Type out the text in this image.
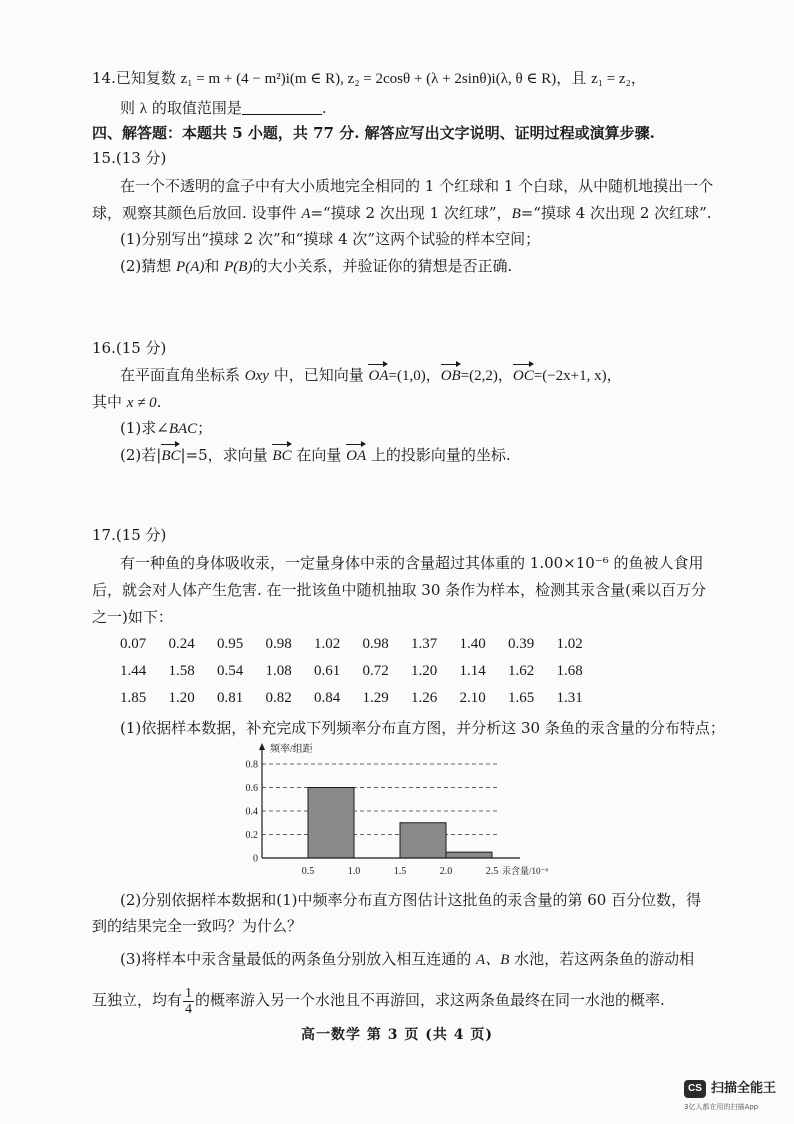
14.已知复数 z₁ = m + (4 − m²)i(m ∈ R), z₂ = 2cosθ + (λ + 2sinθ)i(λ, θ ∈ R)，且 z₁ = z₂，
则 λ 的取值范围是	.
四、解答题：本题共 5 小题，共 77 分. 解答应写出文字说明、证明过程或演算步骤.
15.(13 分)
在一个不透明的盒子中有大小质地完全相同的 1 个红球和 1 个白球，从中随机地摸出一个
球，观察其颜色后放回. 设事件 A=“摸球 2 次出现 1 次红球”，B=“摸球 4 次出现 2 次红球”.
(1)分别写出“摸球 2 次”和“摸球 4 次”这两个试验的样本空间；
(2)猜想 P(A)和 P(B)的大小关系，并验证你的猜想是否正确.
16.(15 分)
在平面直角坐标系 Oxy 中，已知向量 OA=(1,0)，OB=(2,2)，OC=(−2x+1, x)，
其中 x ≠ 0.
(1)求∠BAC；
(2)若|BC|=5，求向量 BC 在向量 OA 上的投影向量的坐标.
17.(15 分)
有一种鱼的身体吸收汞，一定量身体中汞的含量超过其体重的 1.00×10⁻⁶ 的鱼被人食用
后，就会对人体产生危害. 在一批该鱼中随机抽取 30 条作为样本，检测其汞含量(乘以百万分
之一)如下：
0.07 0.24 0.95 0.98 1.02 0.98 1.37 1.40 0.39 1.02
1.44 1.58 0.54 1.08 0.61 0.72 1.20 1.14 1.62 1.68
1.85 1.20 0.81 0.82 0.84 1.29 1.26 2.10 1.65 1.31
(1)依据样本数据，补充完成下列频率分布直方图，并分析这 30 条鱼的汞含量的分布特点；
频率/组距
汞含量/10⁻⁶
0
0.2
0.4
0.6
0.8
0.5	1.0	1.5	2.0	2.5
(2)分别依据样本数据和(1)中频率分布直方图估计这批鱼的汞含量的第 60 百分位数，得
到的结果完全一致吗？为什么？
(3)将样本中汞含量最低的两条鱼分别放入相互连通的 A、B 水池，若这两条鱼的游动相
互独立，均有 $\frac{1}{4}$ 的概率游入另一个水池且不再游回，求这两条鱼最终在同一水池的概率.
高一数学 第 3 页 (共 4 页)
CS 扫描全能王
3亿人都在用的扫描App
